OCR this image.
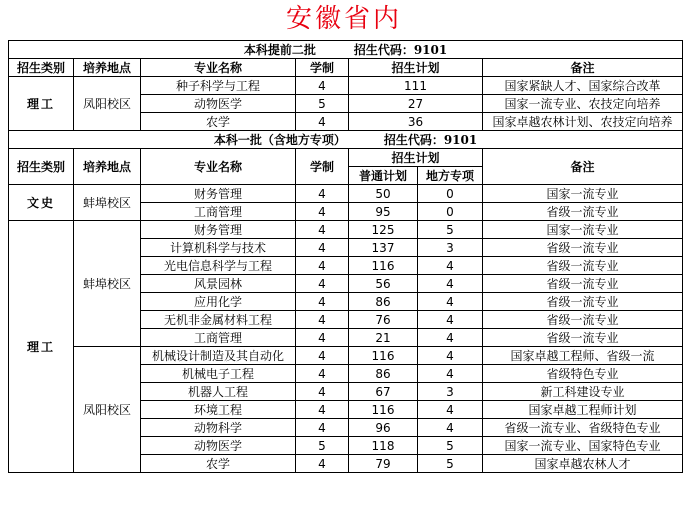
安徽省内
本科提前二批 招生代码：9101						
招生类别	培养地点	专业名称	学制	招生计划		备注
理工	凤阳校区	种子科学与工程	4	111		国家紧缺人才、国家综合改革
		动物医学	5	27		国家一流专业、农技定向培养
		农学	4	36		国家卓越农林计划、农技定向培养
本科一批（含地方专项） 招生代码：9101						
招生类别	培养地点	专业名称	学制	招生计划		备注
				普通计划	地方专项	
文史	蚌埠校区	财务管理	4	50	0	国家一流专业
		工商管理	4	95	0	省级一流专业
理工	蚌埠校区	财务管理	4	125	5	国家一流专业
		计算机科学与技术	4	137	3	省级一流专业
		光电信息科学与工程	4	116	4	省级一流专业
		风景园林	4	56	4	省级一流专业
		应用化学	4	86	4	省级一流专业
		无机非金属材料工程	4	76	4	省级一流专业
		工商管理	4	21	4	省级一流专业
	凤阳校区	机械设计制造及其自动化	4	116	4	国家卓越工程师、省级一流
		机械电子工程	4	86	4	省级特色专业
		机器人工程	4	67	3	新工科建设专业
		环境工程	4	116	4	国家卓越工程师计划
		动物科学	4	96	4	省级一流专业、省级特色专业
		动物医学	5	118	5	国家一流专业、国家特色专业
		农学	4	79	5	国家卓越农林人才
